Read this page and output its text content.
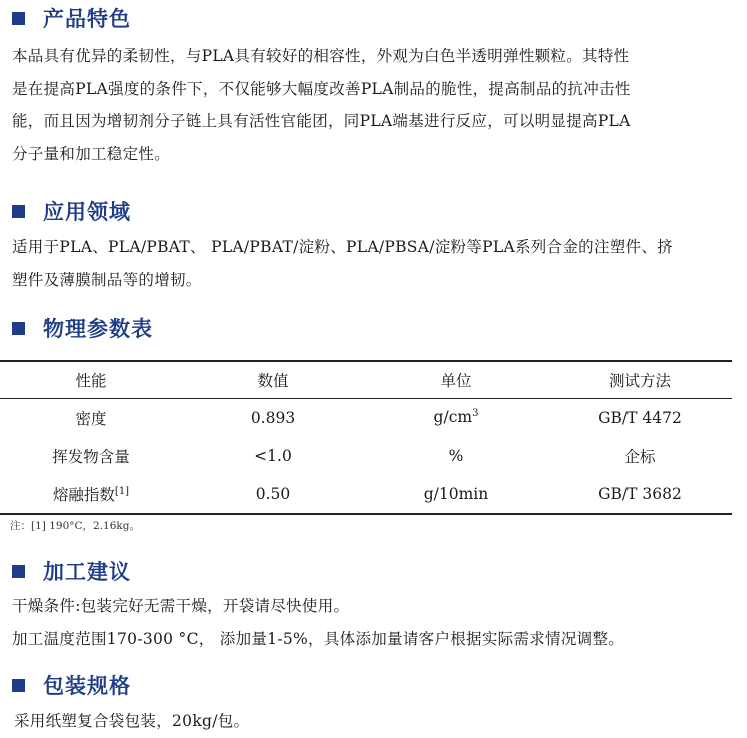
产品特色
本品具有优异的柔韧性，与PLA具有较好的相容性，外观为白色半透明弹性颗粒。其特性
是在提高PLA强度的条件下，不仅能够大幅度改善PLA制品的脆性，提高制品的抗冲击性
能，而且因为增韧剂分子链上具有活性官能团，同PLA端基进行反应，可以明显提高PLA
分子量和加工稳定性。
应用领域
适用于PLA、PLA/PBAT、 PLA/PBAT/淀粉、PLA/PBSA/淀粉等PLA系列合金的注塑件、挤
塑件及薄膜制品等的增韧。
物理参数表
性能	数值	单位	测试方法
密度	0.893	$g/cm^3$	GB/T 4472
挥发物含量	<1.0	%	企标
熔融指数[1]	0.50	g/10min	GB/T 3682
注：[1] 190°C，2.16kg。
加工建议
干燥条件:包装完好无需干燥，开袋请尽快使用。
加工温度范围170-300 °C， 添加量1-5%，具体添加量请客户根据实际需求情况调整。
包装规格
采用纸塑复合袋包装，20kg/包。
